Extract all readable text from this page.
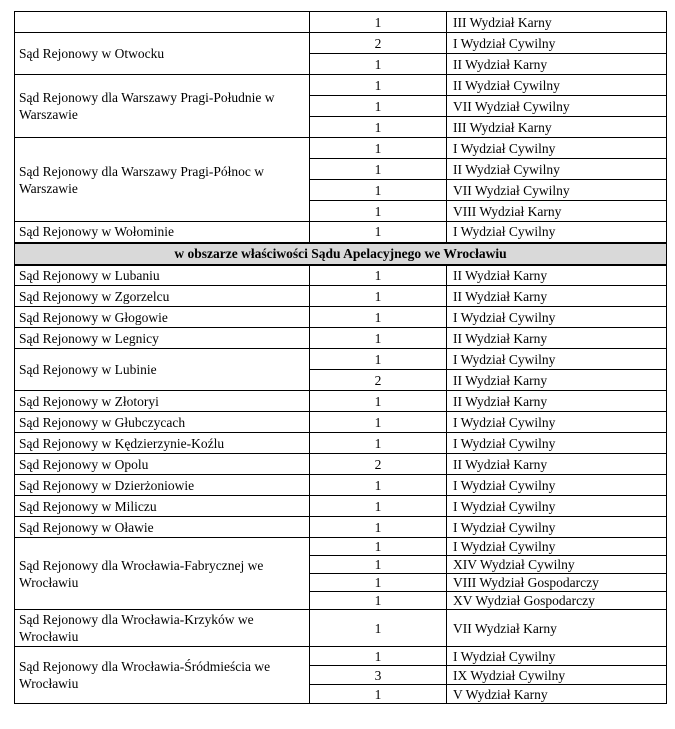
	1	III Wydział Karny
Sąd Rejonowy w Otwocku	2	I Wydział Cywilny
	1	II Wydział Karny
Sąd Rejonowy dla Warszawy Pragi-Południe w Warszawie	1	II Wydział Cywilny
	1	VII Wydział Cywilny
	1	III Wydział Karny
Sąd Rejonowy dla Warszawy Pragi-Północ w Warszawie	1	I Wydział Cywilny
	1	II Wydział Cywilny
	1	VII Wydział Cywilny
	1	VIII Wydział Karny
Sąd Rejonowy w Wołominie	1	I Wydział Cywilny
w obszarze właściwości Sądu Apelacyjnego we Wrocławiu		
Sąd Rejonowy w Lubaniu	1	II Wydział Karny
Sąd Rejonowy w Zgorzelcu	1	II Wydział Karny
Sąd Rejonowy w Głogowie	1	I Wydział Cywilny
Sąd Rejonowy w Legnicy	1	II Wydział Karny
Sąd Rejonowy w Lubinie	1	I Wydział Cywilny
	2	II Wydział Karny
Sąd Rejonowy w Złotoryi	1	II Wydział Karny
Sąd Rejonowy w Głubczycach	1	I Wydział Cywilny
Sąd Rejonowy w Kędzierzynie-Koźlu	1	I Wydział Cywilny
Sąd Rejonowy w Opolu	2	II Wydział Karny
Sąd Rejonowy w Dzierżoniowie	1	I Wydział Cywilny
Sąd Rejonowy w Miliczu	1	I Wydział Cywilny
Sąd Rejonowy w Oławie	1	I Wydział Cywilny
Sąd Rejonowy dla Wrocławia-Fabrycznej we Wrocławiu	1	I Wydział Cywilny
	1	XIV Wydział Cywilny
	1	VIII Wydział Gospodarczy
	1	XV Wydział Gospodarczy
Sąd Rejonowy dla Wrocławia-Krzyków we Wrocławiu	1	VII Wydział Karny
Sąd Rejonowy dla Wrocławia-Śródmieścia we Wrocławiu	1	I Wydział Cywilny
	3	IX Wydział Cywilny
	1	V Wydział Karny
